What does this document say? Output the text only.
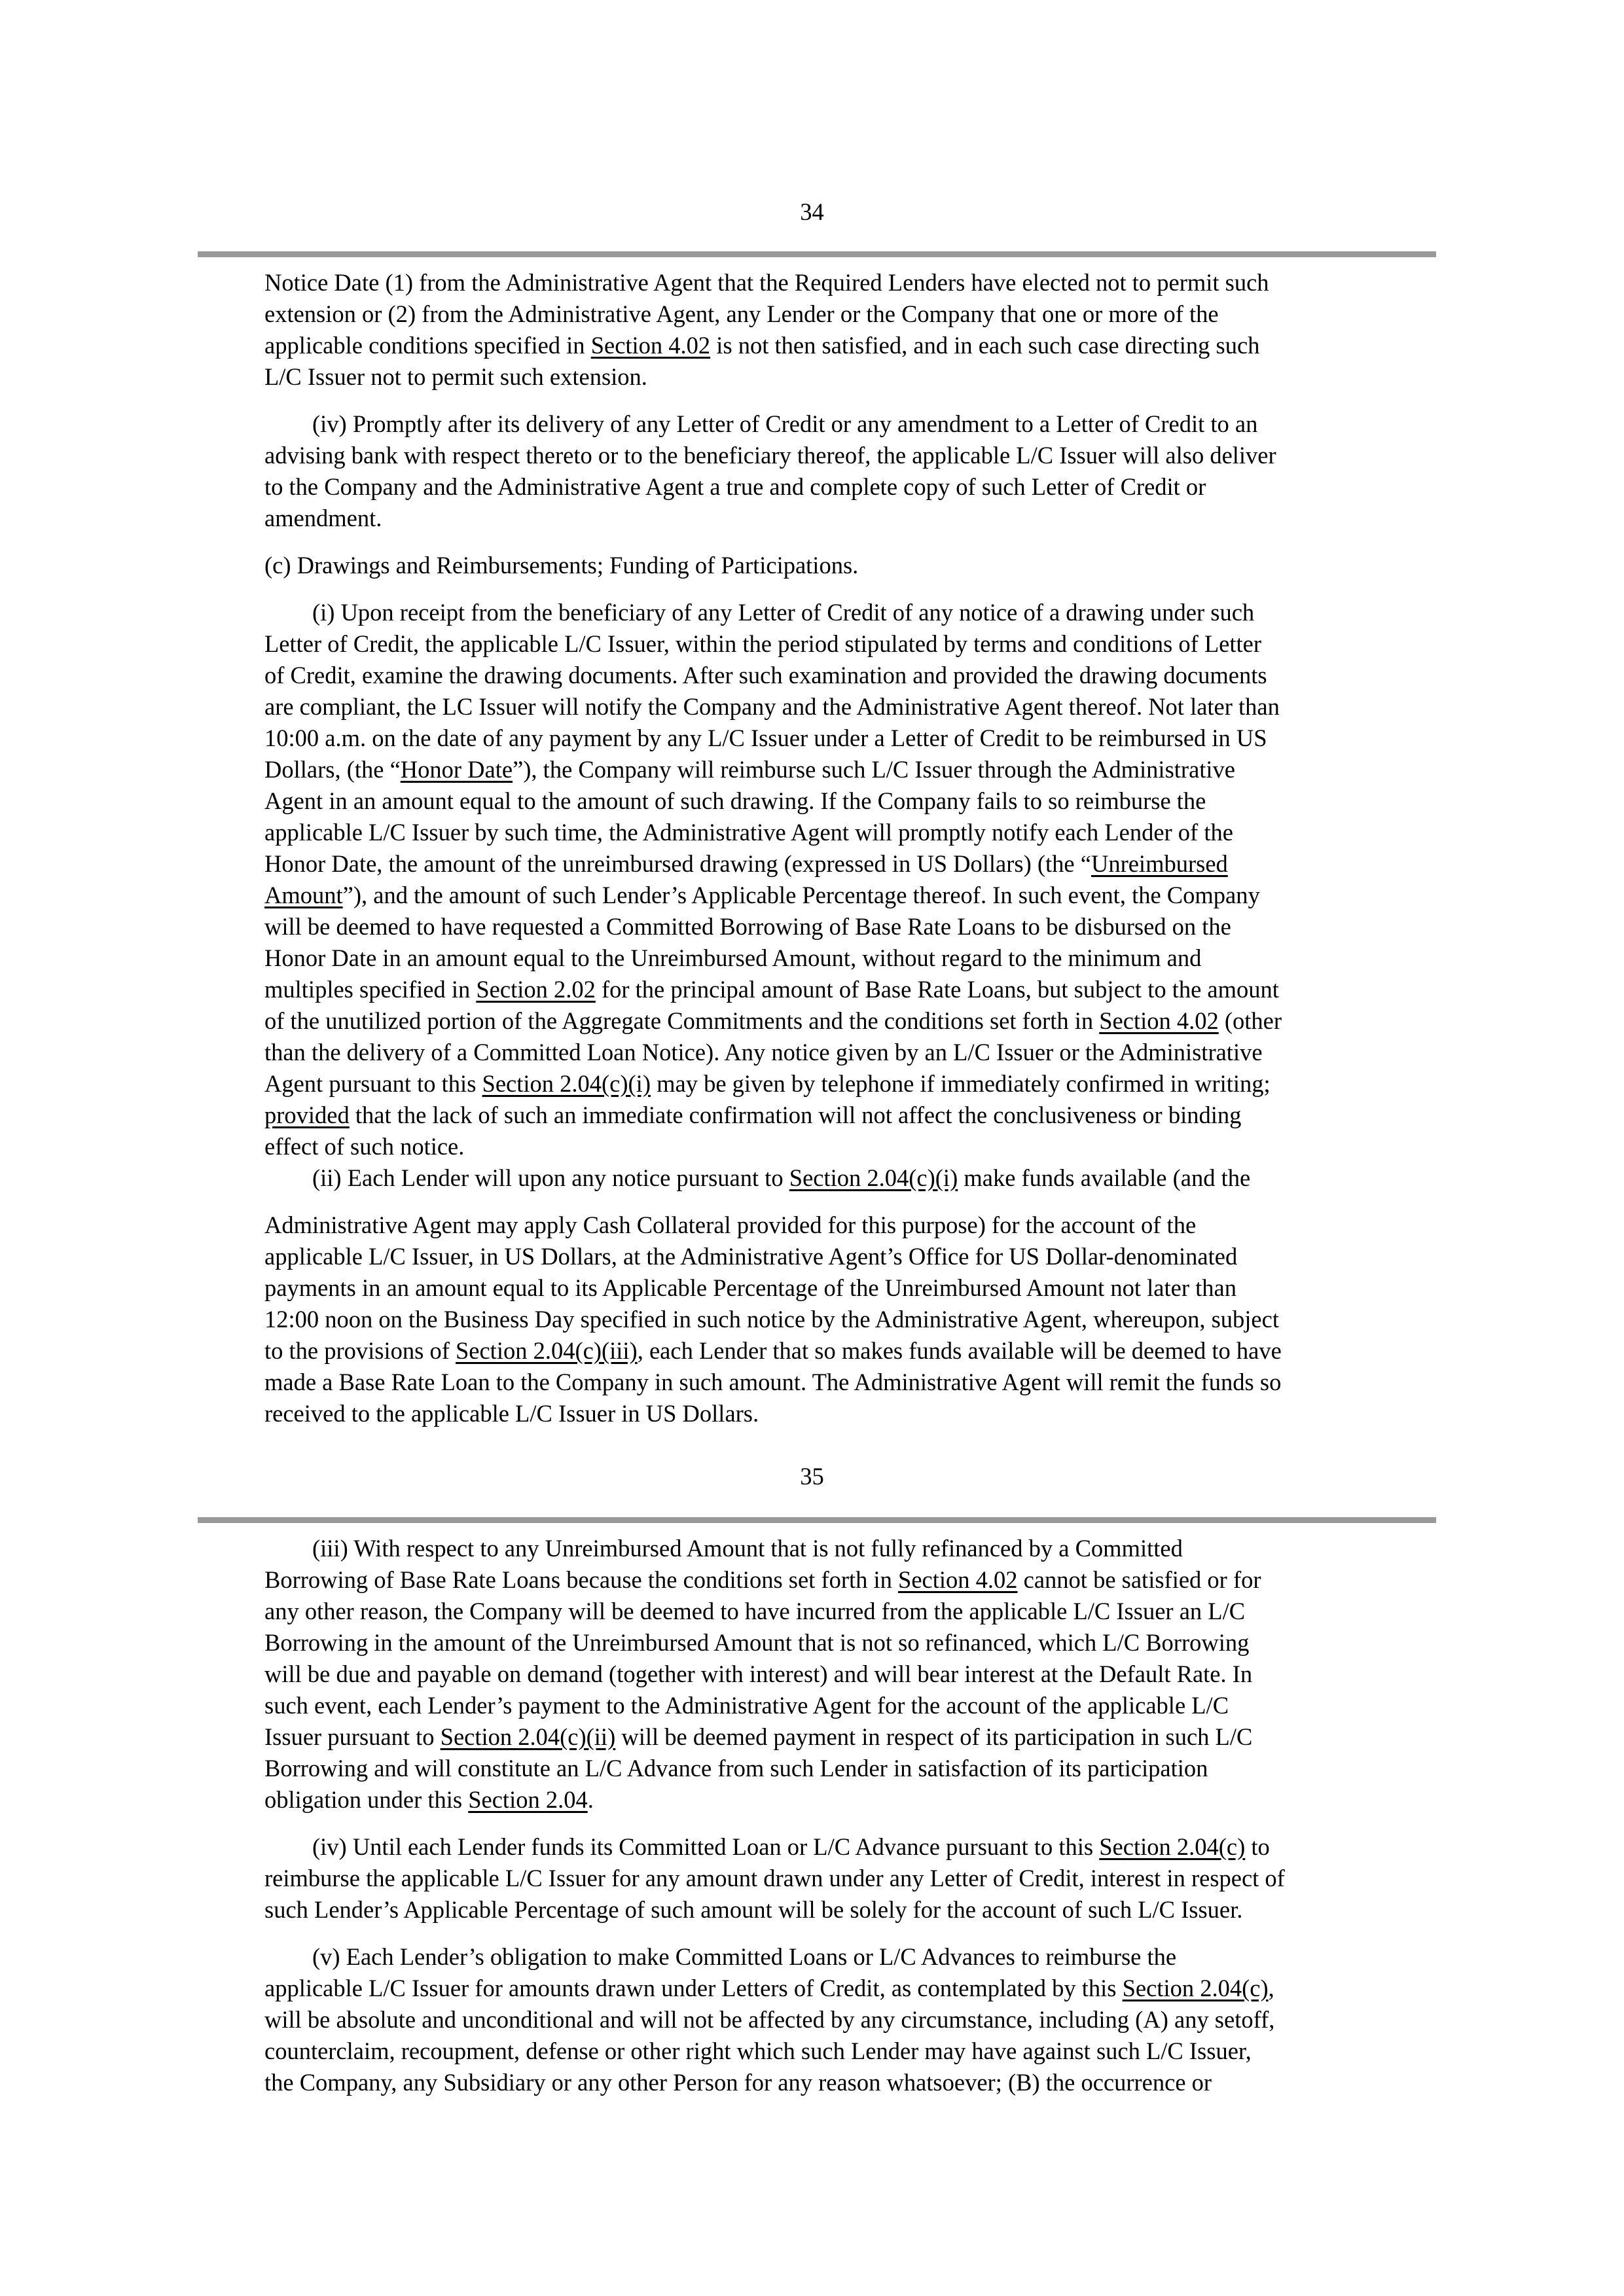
34

Notice Date (1) from the Administrative Agent that the Required Lenders have elected not to permit such

extension or (2) from the Administrative Agent, any Lender or the Company that one or more of the

applicable conditions specified in Section 4.02 is not then satisfied, and in each such case directing such

L/C Issuer not to permit such extension.

(iv) Promptly after its delivery of any Letter of Credit or any amendment to a Letter of Credit to an

advising bank with respect thereto or to the beneficiary thereof, the applicable L/C Issuer will also deliver

to the Company and the Administrative Agent a true and complete copy of such Letter of Credit or

amendment.

(c) Drawings and Reimbursements; Funding of Participations.

(i) Upon receipt from the beneficiary of any Letter of Credit of any notice of a drawing under such

Letter of Credit, the applicable L/C Issuer, within the period stipulated by terms and conditions of Letter

of Credit, examine the drawing documents. After such examination and provided the drawing documents

are compliant, the LC Issuer will notify the Company and the Administrative Agent thereof. Not later than

10:00 a.m. on the date of any payment by any L/C Issuer under a Letter of Credit to be reimbursed in US

Dollars, (the “Honor Date”), the Company will reimburse such L/C Issuer through the Administrative

Agent in an amount equal to the amount of such drawing. If the Company fails to so reimburse the

applicable L/C Issuer by such time, the Administrative Agent will promptly notify each Lender of the

Honor Date, the amount of the unreimbursed drawing (expressed in US Dollars) (the “Unreimbursed

Amount”), and the amount of such Lender’s Applicable Percentage thereof. In such event, the Company

will be deemed to have requested a Committed Borrowing of Base Rate Loans to be disbursed on the

Honor Date in an amount equal to the Unreimbursed Amount, without regard to the minimum and

multiples specified in Section 2.02 for the principal amount of Base Rate Loans, but subject to the amount

of the unutilized portion of the Aggregate Commitments and the conditions set forth in Section 4.02 (other

than the delivery of a Committed Loan Notice). Any notice given by an L/C Issuer or the Administrative

Agent pursuant to this Section 2.04(c)(i) may be given by telephone if immediately confirmed in writing;

provided that the lack of such an immediate confirmation will not affect the conclusiveness or binding

effect of such notice.

(ii) Each Lender will upon any notice pursuant to Section 2.04(c)(i) make funds available (and the

Administrative Agent may apply Cash Collateral provided for this purpose) for the account of the

applicable L/C Issuer, in US Dollars, at the Administrative Agent’s Office for US Dollar-denominated

payments in an amount equal to its Applicable Percentage of the Unreimbursed Amount not later than

12:00 noon on the Business Day specified in such notice by the Administrative Agent, whereupon, subject

to the provisions of Section 2.04(c)(iii), each Lender that so makes funds available will be deemed to have

made a Base Rate Loan to the Company in such amount. The Administrative Agent will remit the funds so

received to the applicable L/C Issuer in US Dollars.

35

(iii) With respect to any Unreimbursed Amount that is not fully refinanced by a Committed

Borrowing of Base Rate Loans because the conditions set forth in Section 4.02 cannot be satisfied or for

any other reason, the Company will be deemed to have incurred from the applicable L/C Issuer an L/C

Borrowing in the amount of the Unreimbursed Amount that is not so refinanced, which L/C Borrowing

will be due and payable on demand (together with interest) and will bear interest at the Default Rate. In

such event, each Lender’s payment to the Administrative Agent for the account of the applicable L/C

Issuer pursuant to Section 2.04(c)(ii) will be deemed payment in respect of its participation in such L/C

Borrowing and will constitute an L/C Advance from such Lender in satisfaction of its participation

obligation under this Section 2.04.

(iv) Until each Lender funds its Committed Loan or L/C Advance pursuant to this Section 2.04(c) to

reimburse the applicable L/C Issuer for any amount drawn under any Letter of Credit, interest in respect of

such Lender’s Applicable Percentage of such amount will be solely for the account of such L/C Issuer.

(v) Each Lender’s obligation to make Committed Loans or L/C Advances to reimburse the

applicable L/C Issuer for amounts drawn under Letters of Credit, as contemplated by this Section 2.04(c),

will be absolute and unconditional and will not be affected by any circumstance, including (A) any setoff,

counterclaim, recoupment, defense or other right which such Lender may have against such L/C Issuer,

the Company, any Subsidiary or any other Person for any reason whatsoever; (B) the occurrence or
